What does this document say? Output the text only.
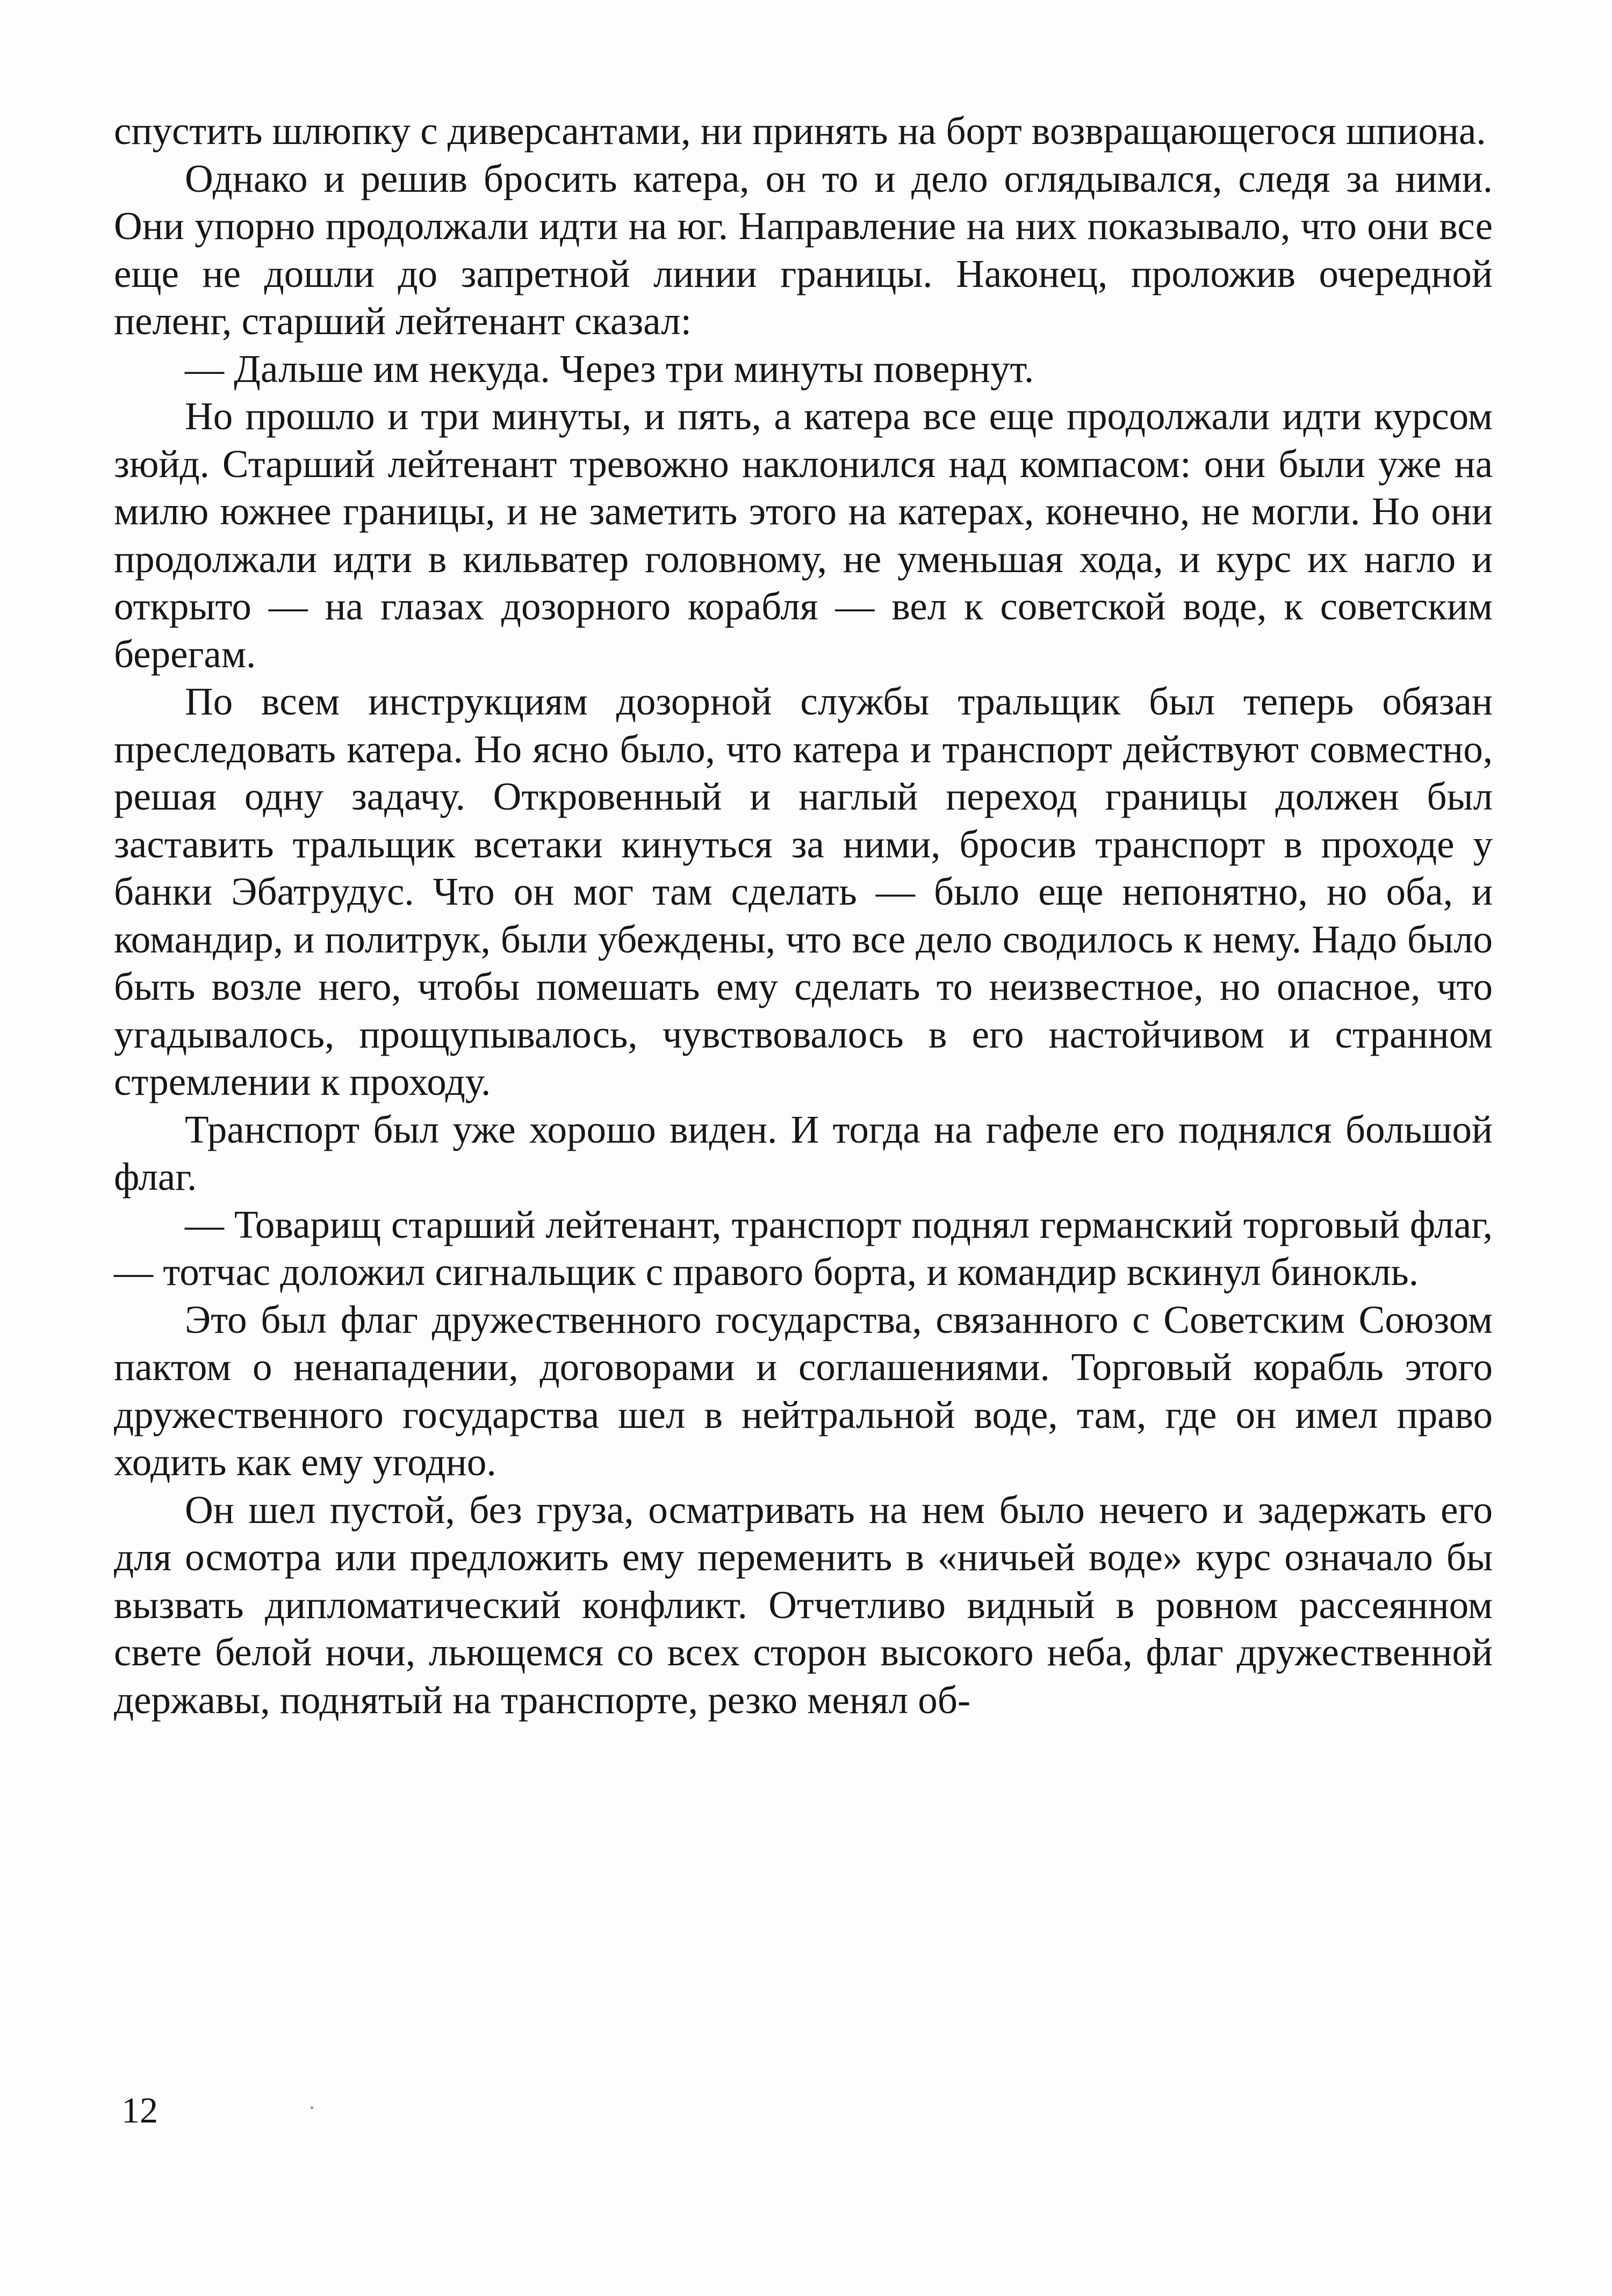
спустить шлюпку с диверсантами, ни принять на борт возвращающегося шпиона.

Однако и решив бросить катера, он то и дело оглядывался, следя за ними. Они упорно продолжали идти на юг. Направление на них показывало, что они все еще не дошли до запретной линии границы. Наконец, проложив очередной пеленг, старший лейтенант сказал:

— Дальше им некуда. Через три минуты повернут.

Но прошло и три минуты, и пять, а катера все еще продолжали идти курсом зюйд. Старший лейтенант тревожно наклонился над компасом: они были уже на милю южнее границы, и не заметить этого на катерах, конечно, не могли. Но они продолжали идти в кильватер головному, не уменьшая хода, и курс их нагло и открыто — на глазах дозорного корабля — вел к советской воде, к советским берегам.

По всем инструкциям дозорной службы тральщик был теперь обязан преследовать катера. Но ясно было, что катера и транспорт действуют совместно, решая одну задачу. Откровенный и наглый переход границы должен был заставить тральщик всетаки кинуться за ними, бросив транспорт в проходе у банки Эбатрудус. Что он мог там сделать — было еще непонятно, но оба, и командир, и политрук, были убеждены, что все дело сводилось к нему. Надо было быть возле него, чтобы помешать ему сделать то неизвестное, но опасное, что угадывалось, прощупывалось, чувствовалось в его настойчивом и странном стремлении к проходу.

Транспорт был уже хорошо виден. И тогда на гафеле его поднялся большой флаг.

— Товарищ старший лейтенант, транспорт поднял германский торговый флаг,— тотчас доложил сигнальщик с правого борта, и командир вскинул бинокль.

Это был флаг дружественного государства, связанного с Советским Союзом пактом о ненападении, договорами и соглашениями. Торговый корабль этого дружественного государства шел в нейтральной воде, там, где он имел право ходить как ему угодно.

Он шел пустой, без груза, осматривать на нем было нечего и задержать его для осмотра или предложить ему переменить в «ничьей воде» курс означало бы вызвать дипломатический конфликт. Отчетливо видный в ровном рассеянном свете белой ночи, льющемся со всех сторон высокого неба, флаг дружественной державы, поднятый на транспорте, резко менял об-

12
